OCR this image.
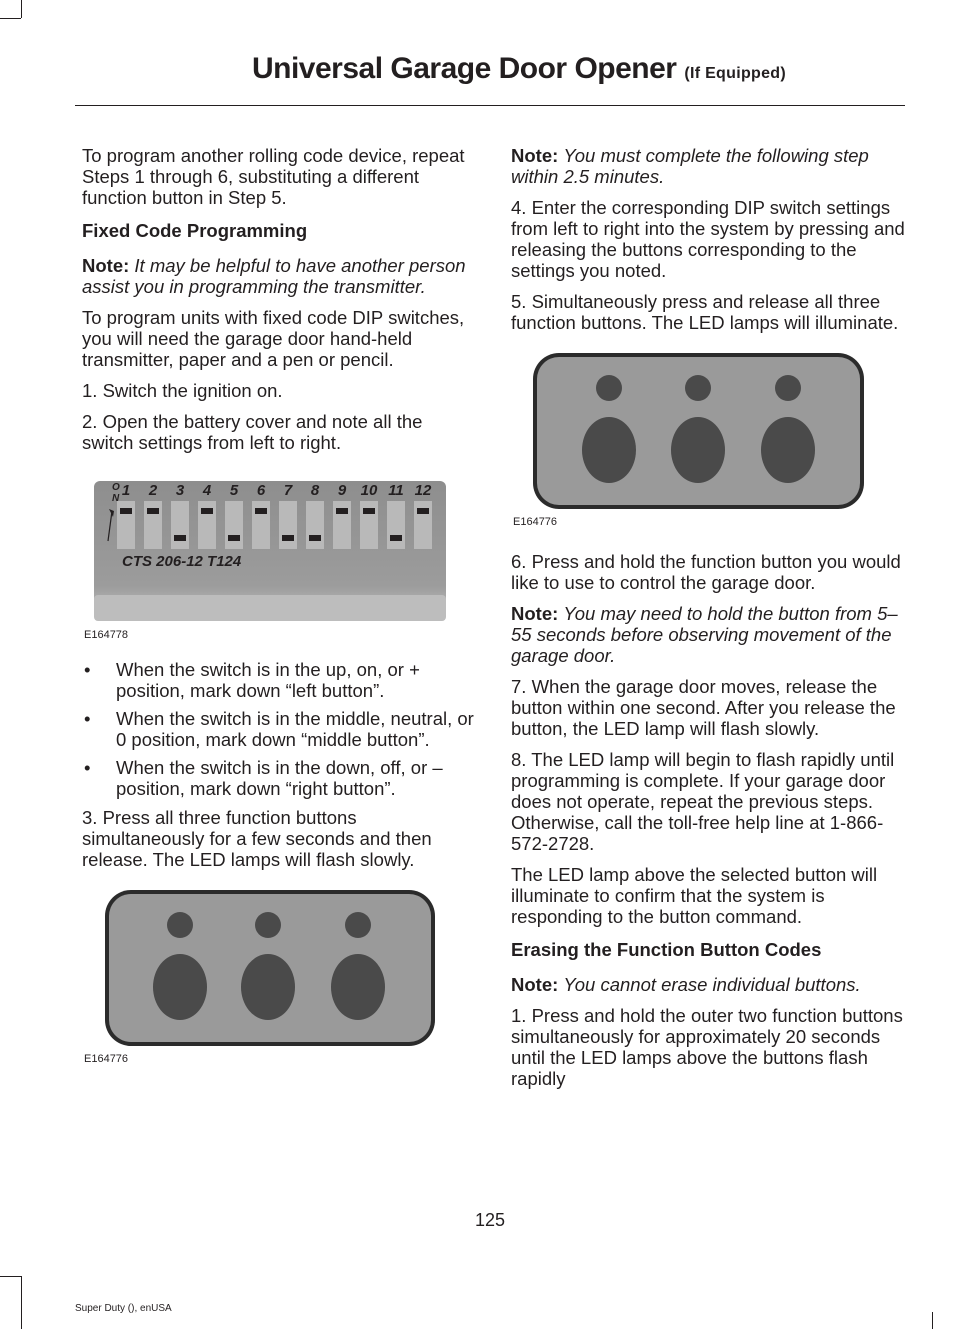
Universal Garage Door Opener (If Equipped)

To program another rolling code device, repeat Steps 1 through 6, substituting a different function button in Step 5.

Fixed Code Programming

Note: It may be helpful to have another person assist you in programming the transmitter.

To program units with fixed code DIP switches, you will need the garage door hand-held transmitter, paper and a pen or pencil.

1. Switch the ignition on.

2. Open the battery cover and note all the switch settings from left to right.

1 2 3 4 5 6 7 8 9 10 11 12
O
N
CTS 206-12 T124
E164778
• When the switch is in the up, on, or + position, mark down “left button”.
• When the switch is in the middle, neutral, or 0 position, mark down “middle button”.
• When the switch is in the down, off, or – position, mark down “right button”.

3. Press all three function buttons simultaneously for a few seconds and then release. The LED lamps will flash slowly.

E164776

Note: You must complete the following step within 2.5 minutes.

4. Enter the corresponding DIP switch settings from left to right into the system by pressing and releasing the buttons corresponding to the settings you noted.

5. Simultaneously press and release all three function buttons. The LED lamps will illuminate.

E164776

6. Press and hold the function button you would like to use to control the garage door.

Note: You may need to hold the button from 5–55 seconds before observing movement of the garage door.

7. When the garage door moves, release the button within one second. After you release the button, the LED lamp will flash slowly.

8. The LED lamp will begin to flash rapidly until programming is complete. If your garage door does not operate, repeat the previous steps. Otherwise, call the toll-free help line at 1-866-572-2728.

The LED lamp above the selected button will illuminate to confirm that the system is responding to the button command.

Erasing the Function Button Codes

Note: You cannot erase individual buttons.

1. Press and hold the outer two function buttons simultaneously for approximately 20 seconds until the LED lamps above the buttons flash rapidly

125
Super Duty (), enUSA
